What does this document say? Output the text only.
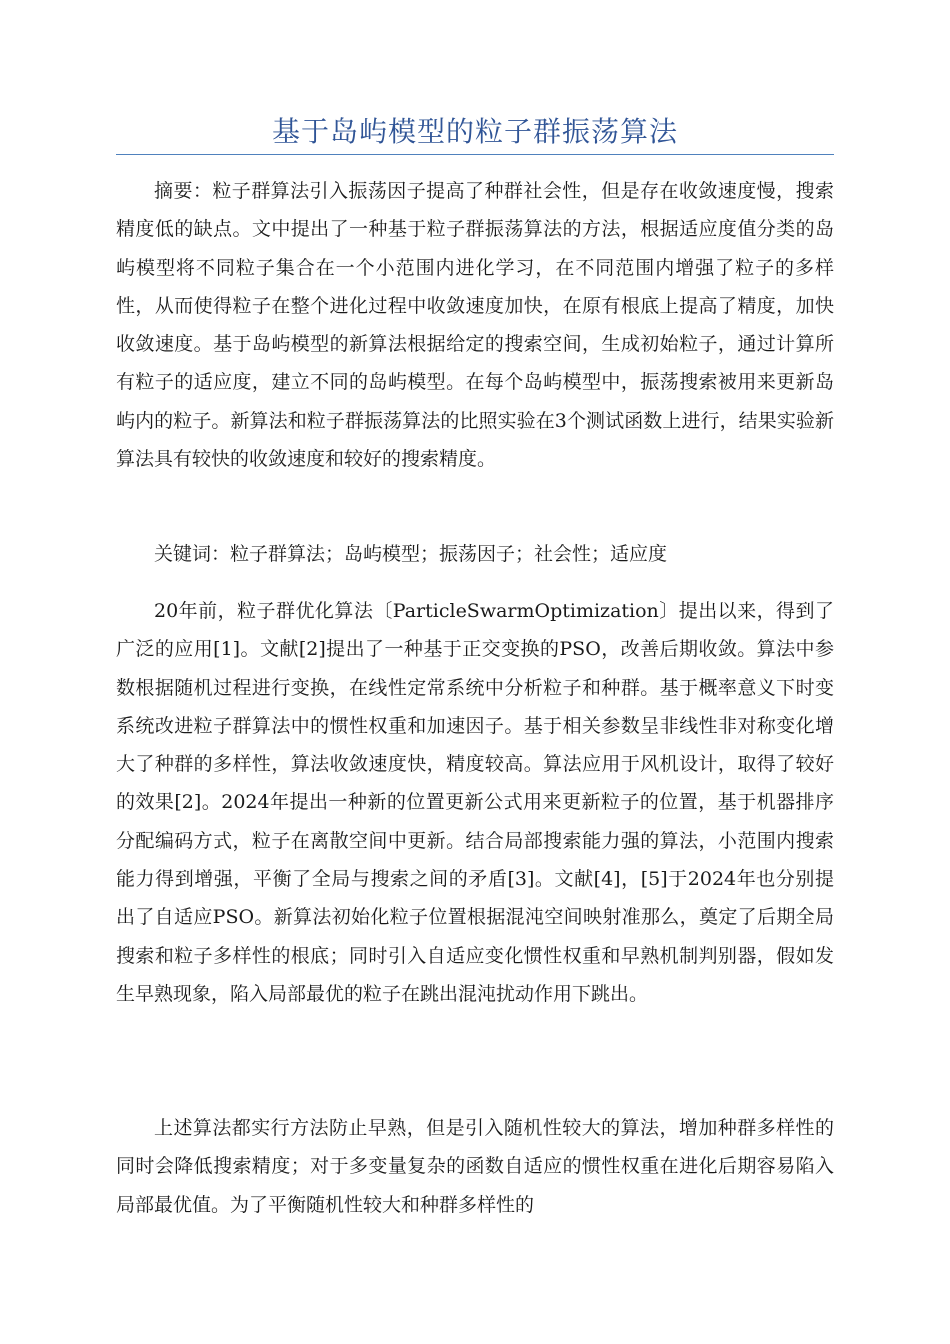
基于岛屿模型的粒子群振荡算法

摘要：粒子群算法引入振荡因子提高了种群社会性，但是存在收敛速度慢，搜索精度低的缺点。文中提出了一种基于粒子群振荡算法的方法，根据适应度值分类的岛屿模型将不同粒子集合在一个小范围内进化学习，在不同范围内增强了粒子的多样性，从而使得粒子在整个进化过程中收敛速度加快，在原有根底上提高了精度，加快收敛速度。基于岛屿模型的新算法根据给定的搜索空间，生成初始粒子，通过计算所有粒子的适应度，建立不同的岛屿模型。在每个岛屿模型中，振荡搜索被用来更新岛屿内的粒子。新算法和粒子群振荡算法的比照实验在3个测试函数上进行，结果实验新算法具有较快的收敛速度和较好的搜索精度。

关键词：粒子群算法；岛屿模型；振荡因子；社会性；适应度

20年前，粒子群优化算法〔ParticleSwarmOptimization〕提出以来，得到了广泛的应用[1]。文献[2]提出了一种基于正交变换的PSO，改善后期收敛。算法中参数根据随机过程进行变换，在线性定常系统中分析粒子和种群。基于概率意义下时变系统改进粒子群算法中的惯性权重和加速因子。基于相关参数呈非线性非对称变化增大了种群的多样性，算法收敛速度快，精度较高。算法应用于风机设计，取得了较好的效果[2]。2024年提出一种新的位置更新公式用来更新粒子的位置，基于机器排序分配编码方式，粒子在离散空间中更新。结合局部搜索能力强的算法，小范围内搜索能力得到增强，平衡了全局与搜索之间的矛盾[3]。文献[4]，[5]于2024年也分别提出了自适应PSO。新算法初始化粒子位置根据混沌空间映射准那么，奠定了后期全局搜索和粒子多样性的根底；同时引入自适应变化惯性权重和早熟机制判别器，假如发生早熟现象，陷入局部最优的粒子在跳出混沌扰动作用下跳出。

上述算法都实行方法防止早熟，但是引入随机性较大的算法，增加种群多样性的同时会降低搜索精度；对于多变量复杂的函数自适应的惯性权重在进化后期容易陷入局部最优值。为了平衡随机性较大和种群多样性的
